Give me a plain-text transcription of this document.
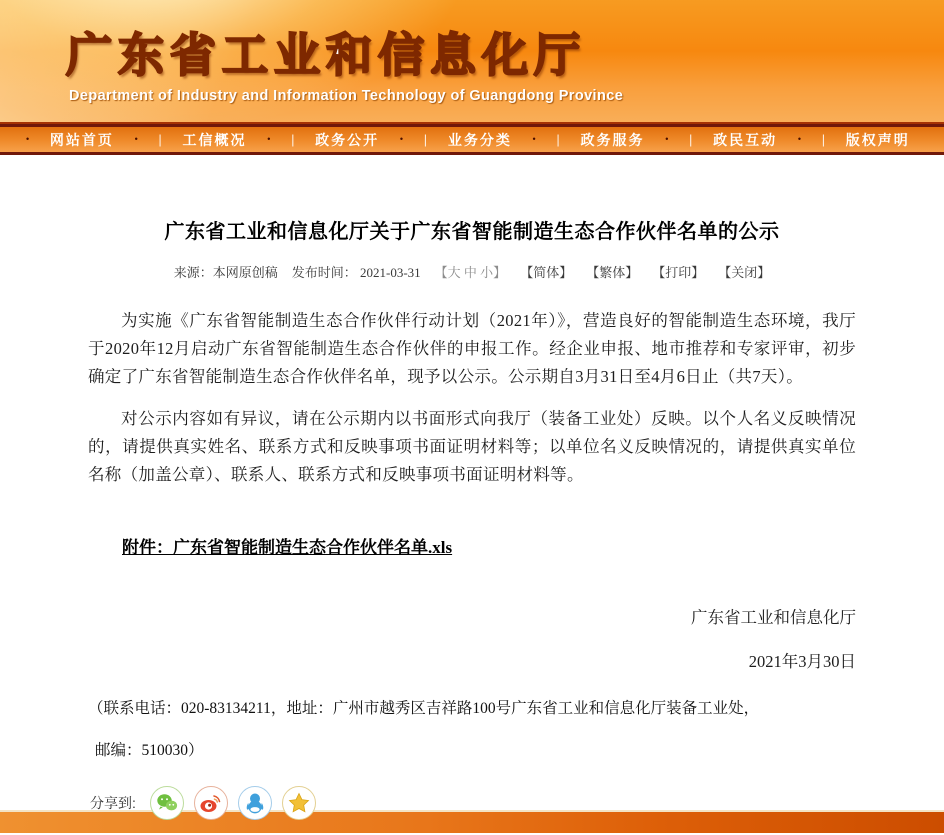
广东省工业和信息化厅
Department of Industry and Information Technology of Guangdong Province
• 网站首页 • | 工信概况 • | 政务公开 • | 业务分类 • | 政务服务 • | 政民互动 • | 版权声明
广东省工业和信息化厅关于广东省智能制造生态合作伙伴名单的公示
来源：本网原创稿 发布时间： 2021-03-31 【大 中 小】 【简体】 【繁体】 【打印】 【关闭】

为实施《广东省智能制造生态合作伙伴行动计划（2021年）》，营造良好的智能制造生态环境，我厅于2020年12月启动广东省智能制造生态合作伙伴的申报工作。经企业申报、地市推荐和专家评审，初步确定了广东省智能制造生态合作伙伴名单，现予以公示。公示期自3月31日至4月6日止（共7天）。

对公示内容如有异议，请在公示期内以书面形式向我厅（装备工业处）反映。以个人名义反映情况的，请提供真实姓名、联系方式和反映事项书面证明材料等；以单位名义反映情况的，请提供真实单位名称（加盖公章）、联系人、联系方式和反映事项书面证明材料等。

附件：广东省智能制造生态合作伙伴名单.xls
广东省工业和信息化厅
2021年3月30日
（联系电话：020-83134211，地址：广州市越秀区吉祥路100号广东省工业和信息化厅装备工业处，
邮编：510030）
分享到:
